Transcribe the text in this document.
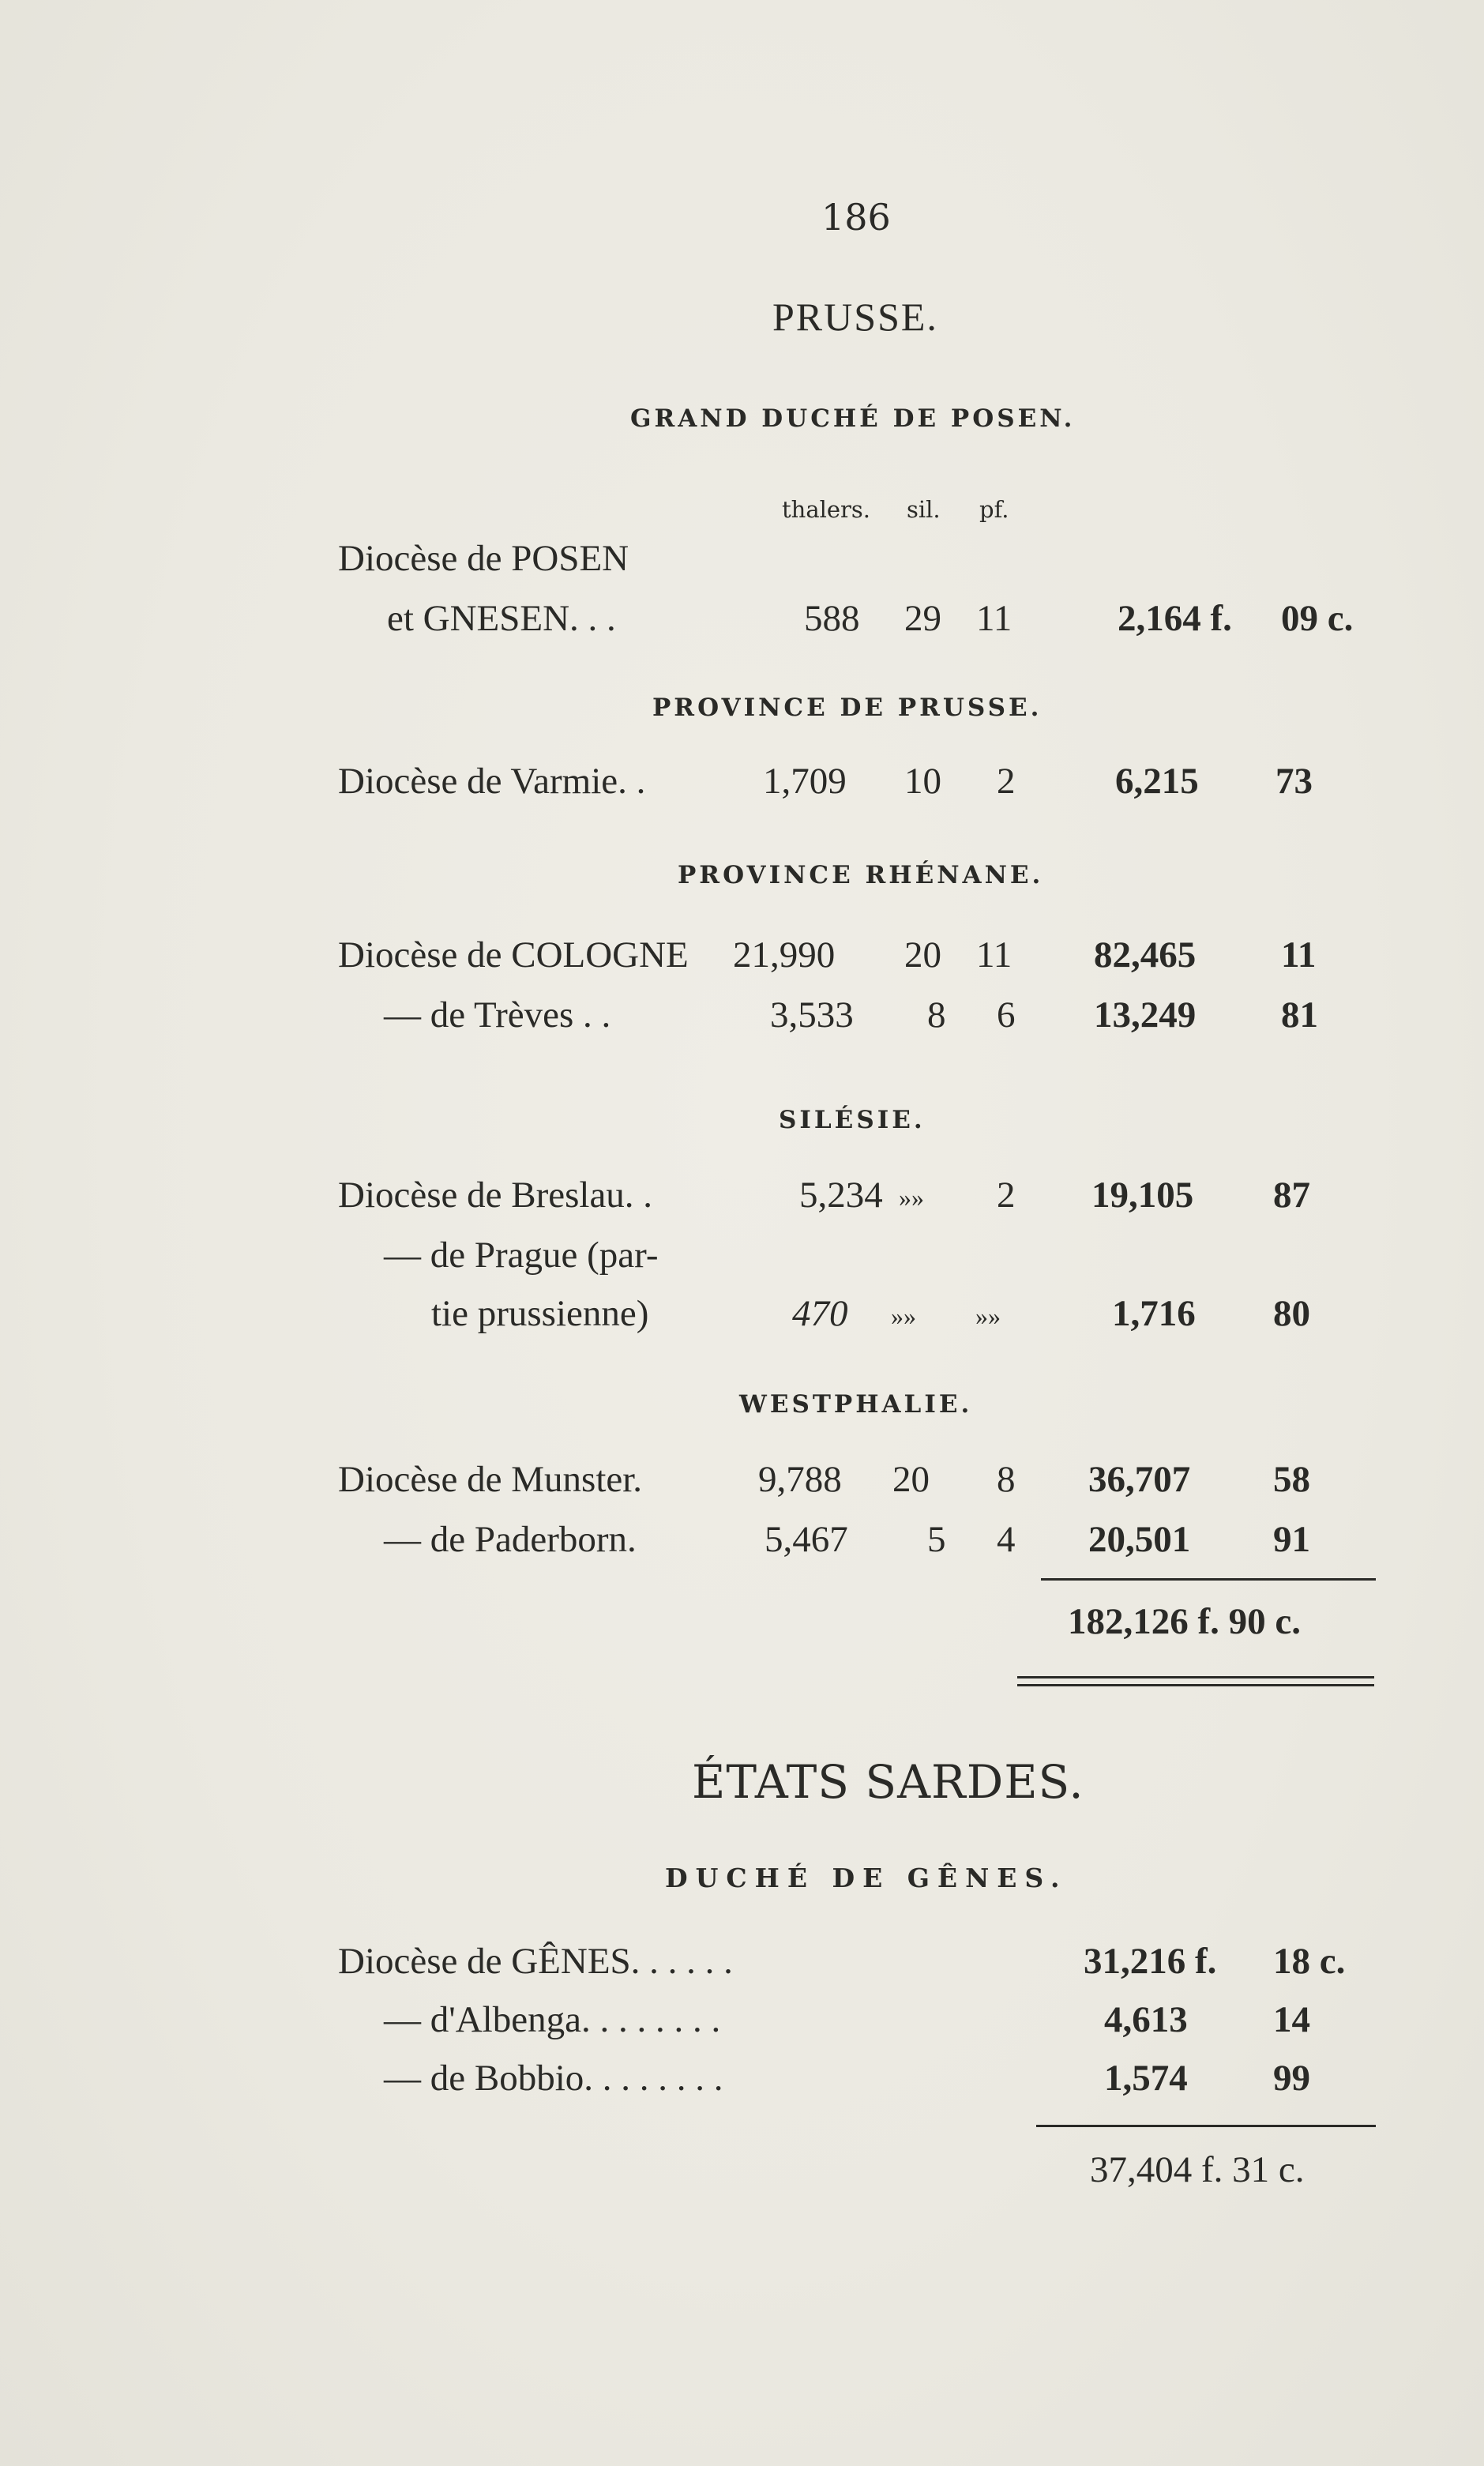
186
PRUSSE.
GRAND DUCHÉ DE POSEN.
thalers. sil. pf.
Diocèse de POSEN
et GNESEN. . .	588 29 11	2,164 f. 09 c.
PROVINCE DE PRUSSE.
Diocèse de Varmie. .	1,709 10 2	6,215 73
PROVINCE RHÉNANE.
Diocèse de COLOGNE 21,990 20 11 82,465 11
— de Trèves . .	3,533 8 6 13,249 81
SILÉSIE.
Diocèse de Breslau. .	5,234 »» 2 19,105 87
— de Prague (par-
tie prussienne)	470 »» »»	1,716 80
WESTPHALIE.
Diocèse de Munster.	9,788 20 8 36,707 58
— de Paderborn.	5,467 5 4 20,501 91
182,126 f. 90 c.
ÉTATS SARDES.
DUCHÉ DE GÊNES.
Diocèse de GÊNES. . . . . .	31,216 f. 18 c.
— d'Albenga. . . . . . . .	4,613 14
— de Bobbio. . . . . . . .	1,574 99
37,404 f. 31 c.
